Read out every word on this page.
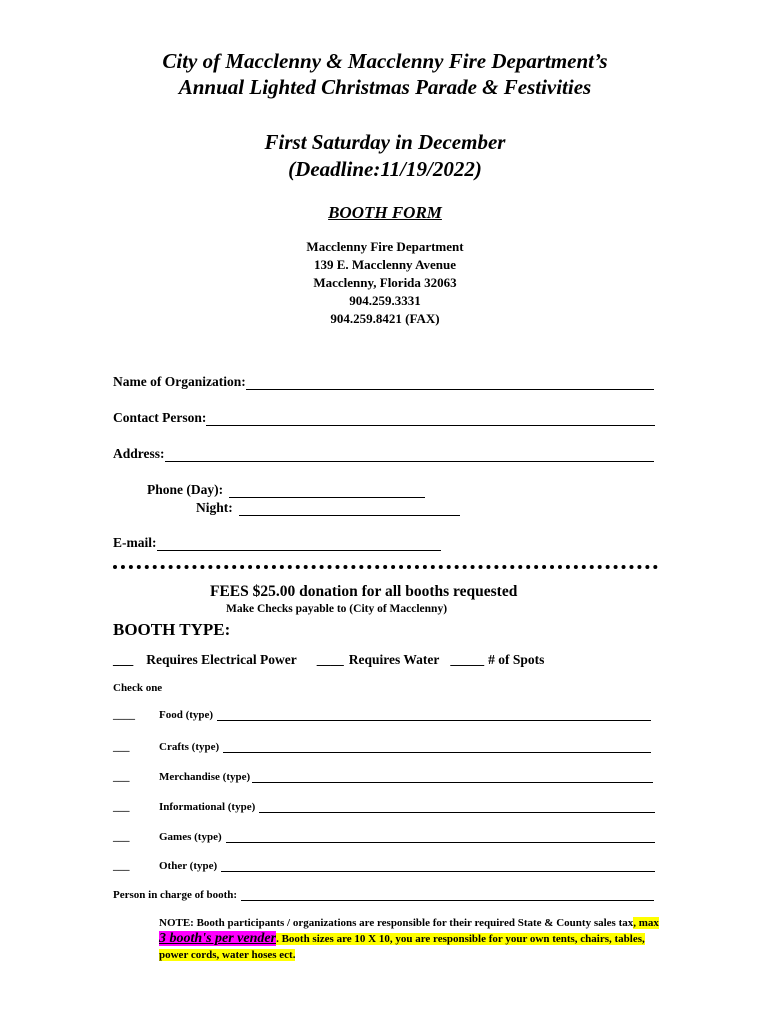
City of Macclenny & Macclenny Fire Department’s
Annual Lighted Christmas Parade & Festivities
First Saturday in December
(Deadline:11/19/2022)
BOOTH FORM
Macclenny Fire Department
139 E. Macclenny Avenue
Macclenny, Florida 32063
904.259.3331
904.259.8421 (FAX)
Name of Organization:
Contact Person:
Address:
Phone (Day):
Night:
E-mail:
FEES $25.00 donation for all booths requested
Make Checks payable to (City of Macclenny)
BOOTH TYPE:
___ Requires Electrical Power ____ Requires Water _____ # of Spots
Check one
____	Food (type)
___	Crafts (type)
___	Merchandise (type)
___	Informational (type)
___	Games (type)
___	Other (type)
Person in charge of booth:
NOTE: Booth participants / organizations are responsible for their required State & County sales tax, max 3 booth's per vender. Booth sizes are 10 X 10, you are responsible for your own tents, chairs, tables, power cords, water hoses ect.
